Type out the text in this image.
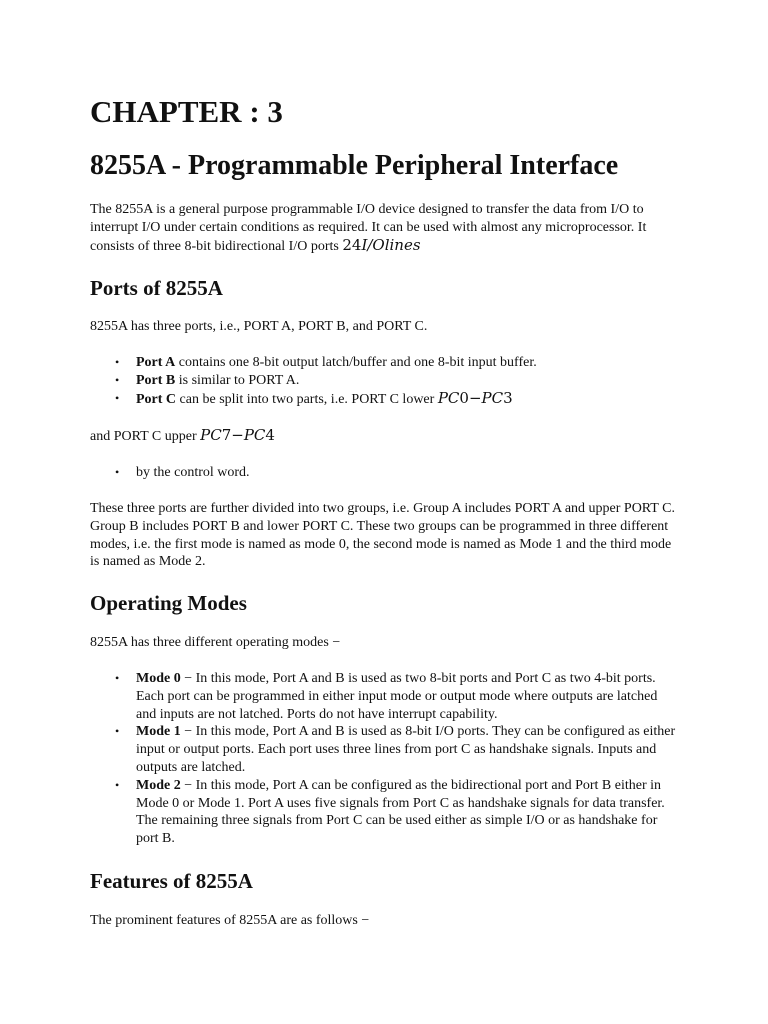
CHAPTER : 3
8255A - Programmable Peripheral Interface

The 8255A is a general purpose programmable I/O device designed to transfer the data from I/O to interrupt I/O under certain conditions as required. It can be used with almost any microprocessor. It consists of three 8-bit bidirectional I/O ports 24I/Olines

Ports of 8255A

8255A has three ports, i.e., PORT A, PORT B, and PORT C.

• Port A contains one 8-bit output latch/buffer and one 8-bit input buffer.
• Port B is similar to PORT A.
• Port C can be split into two parts, i.e. PORT C lower PC0−PC3

and PORT C upper PC7−PC4

• by the control word.

These three ports are further divided into two groups, i.e. Group A includes PORT A and upper PORT C. Group B includes PORT B and lower PORT C. These two groups can be programmed in three different modes, i.e. the first mode is named as mode 0, the second mode is named as Mode 1 and the third mode is named as Mode 2.

Operating Modes

8255A has three different operating modes −

• Mode 0 − In this mode, Port A and B is used as two 8-bit ports and Port C as two 4-bit ports. Each port can be programmed in either input mode or output mode where outputs are latched and inputs are not latched. Ports do not have interrupt capability.
• Mode 1 − In this mode, Port A and B is used as 8-bit I/O ports. They can be configured as either input or output ports. Each port uses three lines from port C as handshake signals. Inputs and outputs are latched.
• Mode 2 − In this mode, Port A can be configured as the bidirectional port and Port B either in Mode 0 or Mode 1. Port A uses five signals from Port C as handshake signals for data transfer. The remaining three signals from Port C can be used either as simple I/O or as handshake for port B.
Features of 8255A

The prominent features of 8255A are as follows −
